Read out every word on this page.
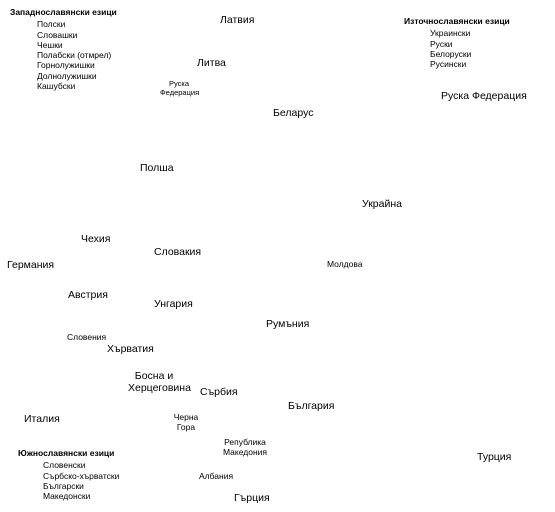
Западнославянски езици
Полски
Словашки
Чешки
Полабски (отмрел)
Горнолужишки
Долнолужишки
Кашубски
Източнославянски езици
Украински
Руски
Белоруски
Русински
Южнославянски езици
Словенски
Сърбско-хърватски
Български
Македонски
Латвия
Литва
Руска Федерация	Руска Федерация
Беларус
Полша
Украйна
Чехия
Словакия
Германия	Молдова
Австрия
Унгария
Румъния
Словения
Хърватия
Босна и Херцеговина Сърбия
България
Италия	Черна Гора
Република Македония	Турция
Албания
Гърция
